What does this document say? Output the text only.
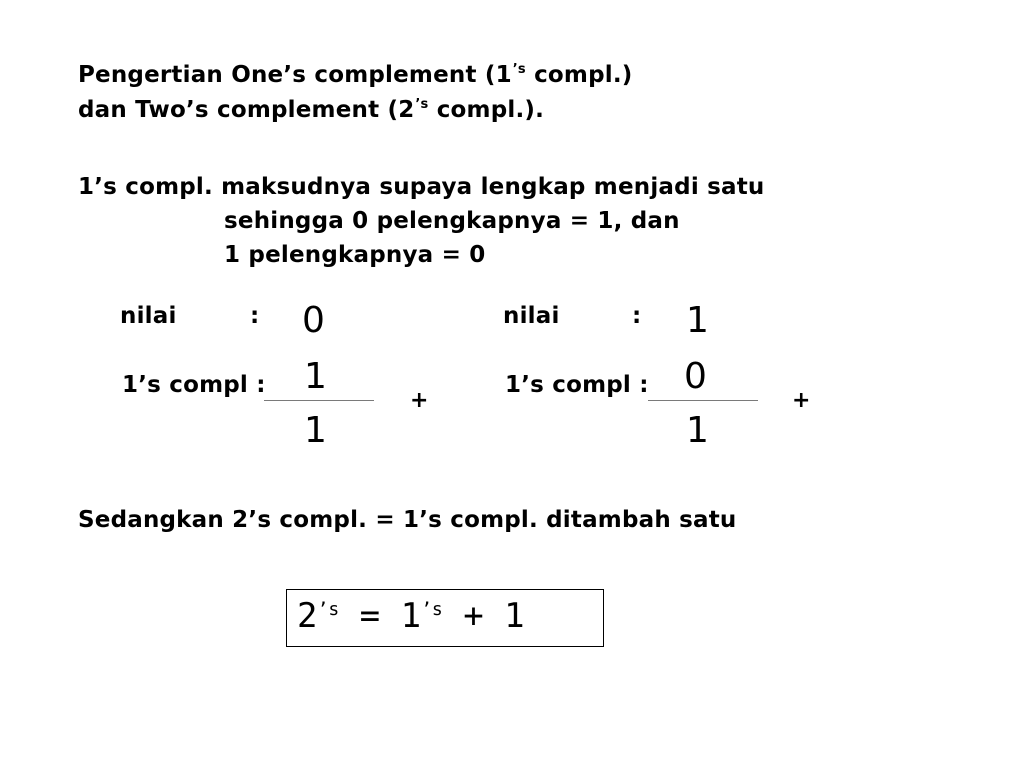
Pengertian One’s complement ($1^{’s}$ compl.)
dan Two’s complement ($2^{’s}$ compl.).
1’s compl. maksudnya supaya lengkap menjadi satu
sehingga 0 pelengkapnya = 1, dan
1 pelengkapnya = 0
nilai	: 0
1’s compl : 1
+
1
nilai	: 1
1’s compl : 0
+
1
Sedangkan 2’s compl. = 1’s compl. ditambah satu
$2^{’s} = 1^{’s} + 1$
